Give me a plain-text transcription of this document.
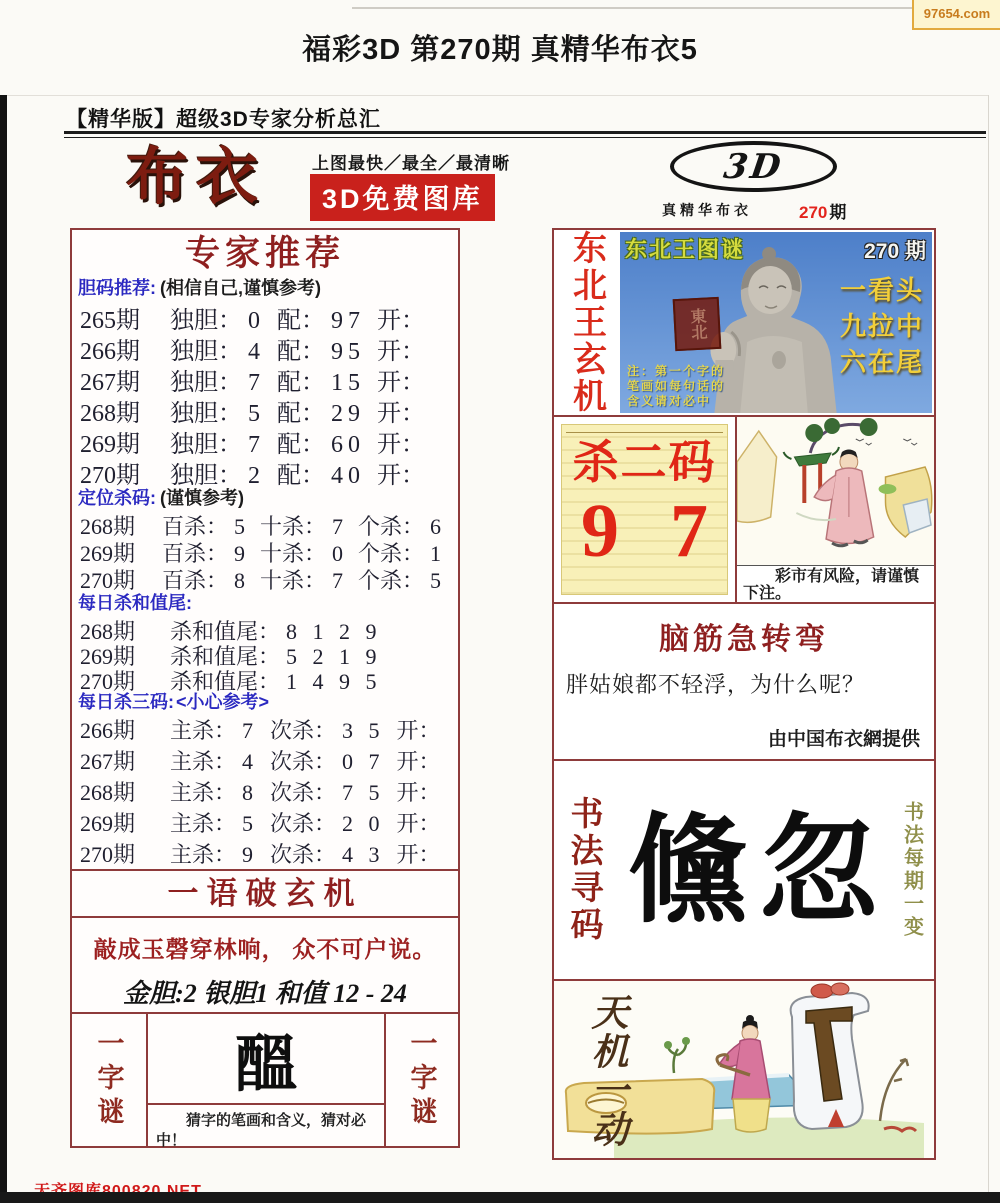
97654.com
福彩3D 第270期 真精华布衣5
【精华版】超级3D专家分析总汇
布衣	上图最快／最全／最清晰
3D免费图库
3D
真精华布衣	270 期
专家推荐
胆码推荐: (相信自己,谨慎参考)
265期	独胆： 0 配： 97 开：
266期	独胆： 4 配： 95 开：
267期	独胆： 7 配： 15 开：
268期	独胆： 5 配： 29 开：
269期	独胆： 7 配： 60 开：
270期	独胆： 2 配： 40 开：
定位杀码: (谨慎参考)
268期	百杀： 5 十杀： 7 个杀： 6
269期	百杀： 9 十杀： 0 个杀： 1
270期	百杀： 8 十杀： 7 个杀： 5
每日杀和值尾:
268期	杀和值尾： 8 1 2 9
269期	杀和值尾： 5 2 1 9
270期	杀和值尾： 1 4 9 5
每日杀三码: <小心参考>
266期	主杀： 7 次杀： 3 5 开：
267期	主杀： 4 次杀： 0 7 开：
268期	主杀： 8 次杀： 7 5 开：
269期	主杀： 5 次杀： 2 0 开：
270期	主杀： 9 次杀： 4 3 开：
一语破玄机
敲成玉磬穿林响， 众不可户说。
金胆:2 银胆1 和值 12 - 24
一字谜 醞
猜字的笔画和含义，猜对必中！
一字谜
东北王玄机 东北王图谜	270 期
一看头
九拉中
六在尾
東北
注：第一个字的
笔画如每句话的
含义请对必中
杀二码
9 7
彩市有风险，请谨慎下注。
脑筋急转弯
胖姑娘都不轻浮，为什么呢？
由中国布衣網提供
书法寻码 儵 忽 书法每期一变
天机一动
